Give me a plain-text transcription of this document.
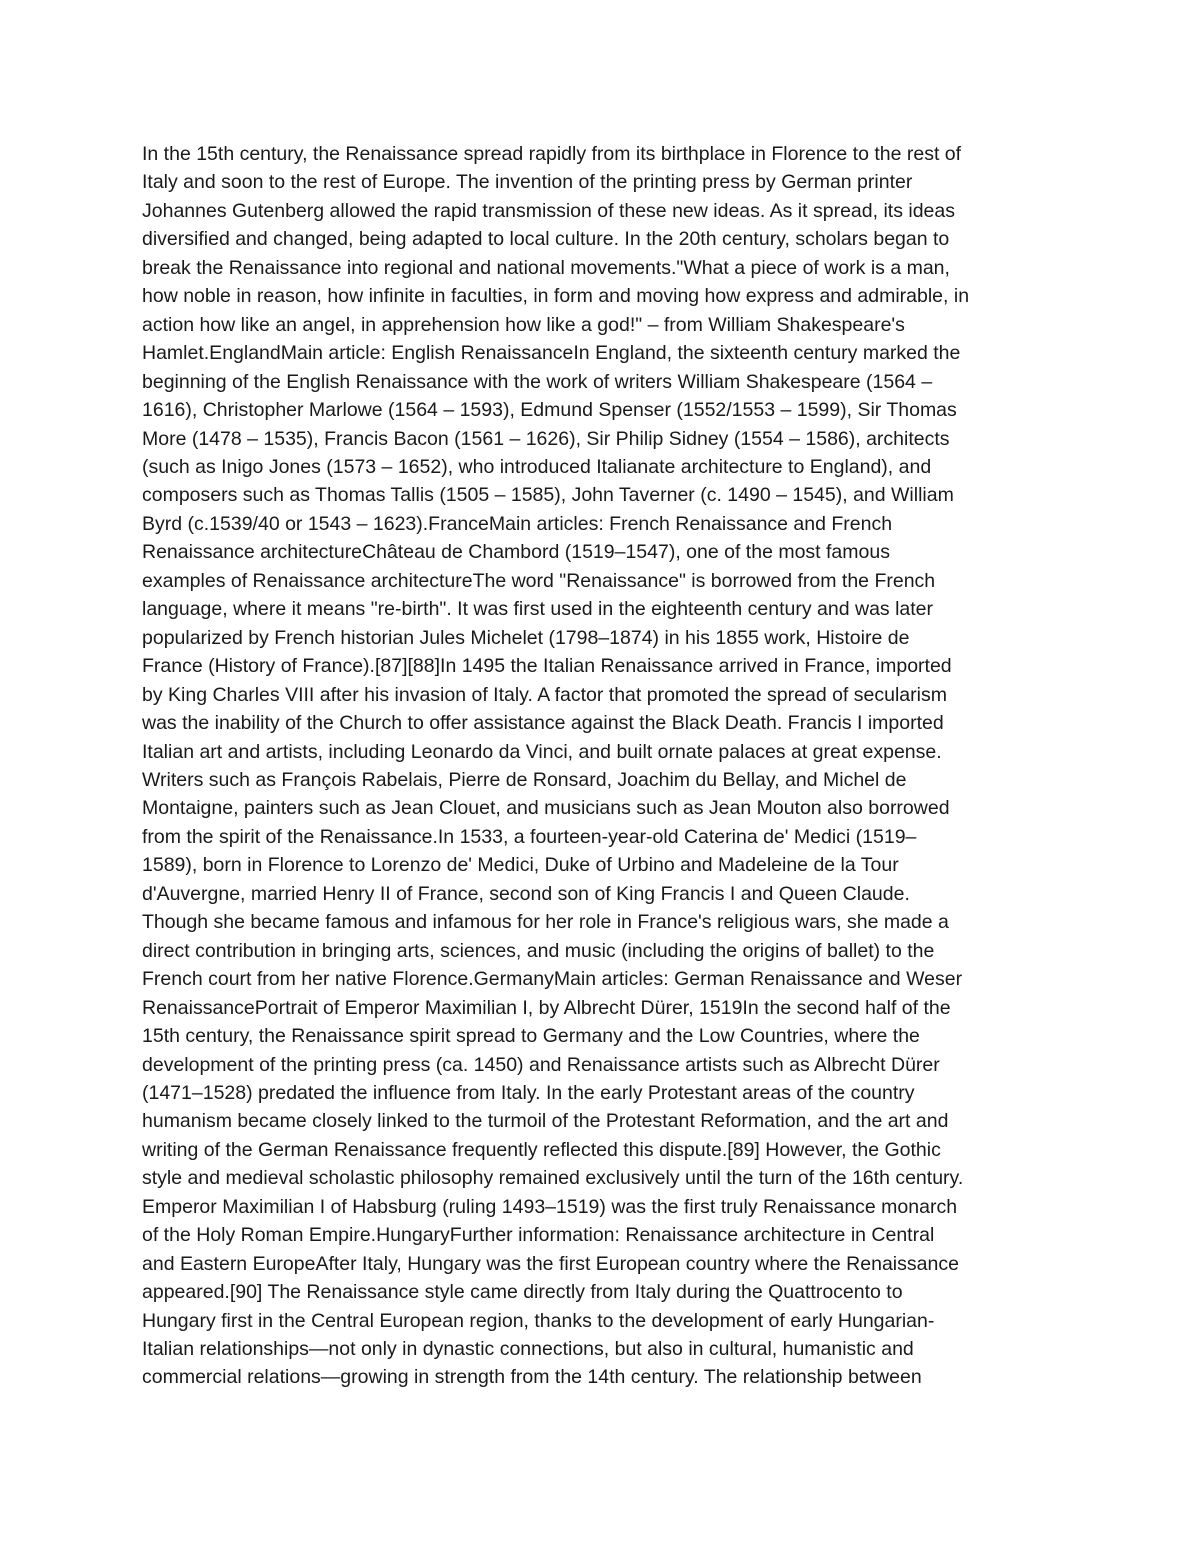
In the 15th century, the Renaissance spread rapidly from its birthplace in Florence to the rest of
Italy and soon to the rest of Europe. The invention of the printing press by German printer
Johannes Gutenberg allowed the rapid transmission of these new ideas. As it spread, its ideas
diversified and changed, being adapted to local culture. In the 20th century, scholars began to
break the Renaissance into regional and national movements."What a piece of work is a man,
how noble in reason, how infinite in faculties, in form and moving how express and admirable, in
action how like an angel, in apprehension how like a god!" – from William Shakespeare's
Hamlet.EnglandMain article: English RenaissanceIn England, the sixteenth century marked the
beginning of the English Renaissance with the work of writers William Shakespeare (1564 –
1616), Christopher Marlowe (1564 – 1593), Edmund Spenser (1552/1553 – 1599), Sir Thomas
More (1478 – 1535), Francis Bacon (1561 – 1626), Sir Philip Sidney (1554 – 1586), architects
(such as Inigo Jones (1573 – 1652), who introduced Italianate architecture to England), and
composers such as Thomas Tallis (1505 – 1585), John Taverner (c. 1490 – 1545), and William
Byrd (c.1539/40 or 1543 – 1623).FranceMain articles: French Renaissance and French
Renaissance architectureChâteau de Chambord (1519–1547), one of the most famous
examples of Renaissance architectureThe word "Renaissance" is borrowed from the French
language, where it means "re-birth". It was first used in the eighteenth century and was later
popularized by French historian Jules Michelet (1798–1874) in his 1855 work, Histoire de
France (History of France).[87][88]In 1495 the Italian Renaissance arrived in France, imported
by King Charles VIII after his invasion of Italy. A factor that promoted the spread of secularism
was the inability of the Church to offer assistance against the Black Death. Francis I imported
Italian art and artists, including Leonardo da Vinci, and built ornate palaces at great expense.
Writers such as François Rabelais, Pierre de Ronsard, Joachim du Bellay, and Michel de
Montaigne, painters such as Jean Clouet, and musicians such as Jean Mouton also borrowed
from the spirit of the Renaissance.In 1533, a fourteen-year-old Caterina de' Medici (1519–
1589), born in Florence to Lorenzo de' Medici, Duke of Urbino and Madeleine de la Tour
d'Auvergne, married Henry II of France, second son of King Francis I and Queen Claude.
Though she became famous and infamous for her role in France's religious wars, she made a
direct contribution in bringing arts, sciences, and music (including the origins of ballet) to the
French court from her native Florence.GermanyMain articles: German Renaissance and Weser
RenaissancePortrait of Emperor Maximilian I, by Albrecht Dürer, 1519In the second half of the
15th century, the Renaissance spirit spread to Germany and the Low Countries, where the
development of the printing press (ca. 1450) and Renaissance artists such as Albrecht Dürer
(1471–1528) predated the influence from Italy. In the early Protestant areas of the country
humanism became closely linked to the turmoil of the Protestant Reformation, and the art and
writing of the German Renaissance frequently reflected this dispute.[89] However, the Gothic
style and medieval scholastic philosophy remained exclusively until the turn of the 16th century.
Emperor Maximilian I of Habsburg (ruling 1493–1519) was the first truly Renaissance monarch
of the Holy Roman Empire.HungaryFurther information: Renaissance architecture in Central
and Eastern EuropeAfter Italy, Hungary was the first European country where the Renaissance
appeared.[90] The Renaissance style came directly from Italy during the Quattrocento to
Hungary first in the Central European region, thanks to the development of early Hungarian-
Italian relationships—not only in dynastic connections, but also in cultural, humanistic and
commercial relations—growing in strength from the 14th century. The relationship between
